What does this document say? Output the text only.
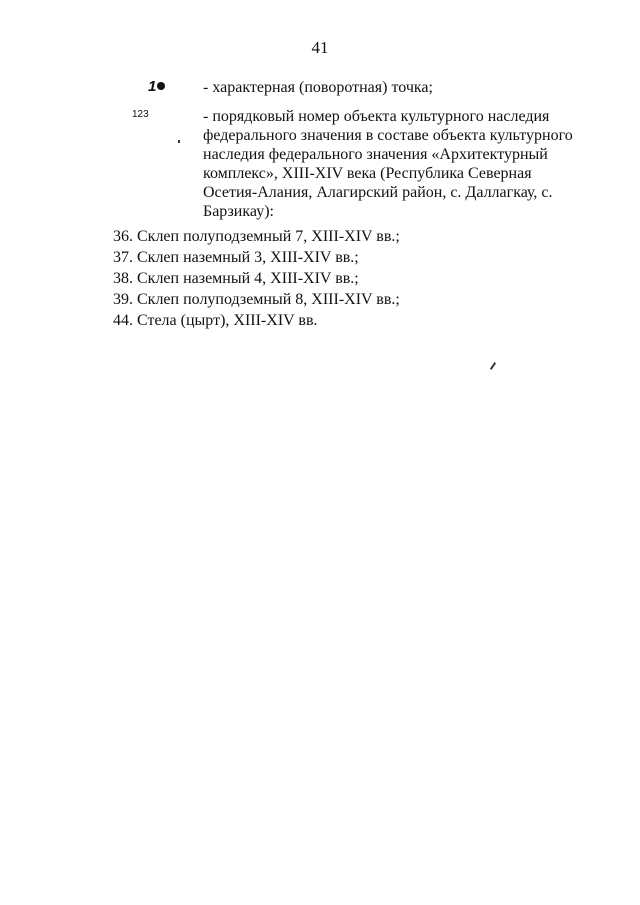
41
1	- характерная (поворотная) точка;
123	- порядковый номер объекта культурного наследия федерального значения в составе объекта культурного наследия федерального значения «Архитектурный комплекс», XIII-XIV века (Республика Северная Осетия-Алания, Алагирский район, с. Даллагкау, с. Барзикау):
36. Склеп полуподземный 7, XIII-XIV вв.;
37. Склеп наземный 3, XIII-XIV вв.;
38. Склеп наземный 4, XIII-XIV вв.;
39. Склеп полуподземный 8, XIII-XIV вв.;
44. Стела (цырт), XIII-XIV вв.
